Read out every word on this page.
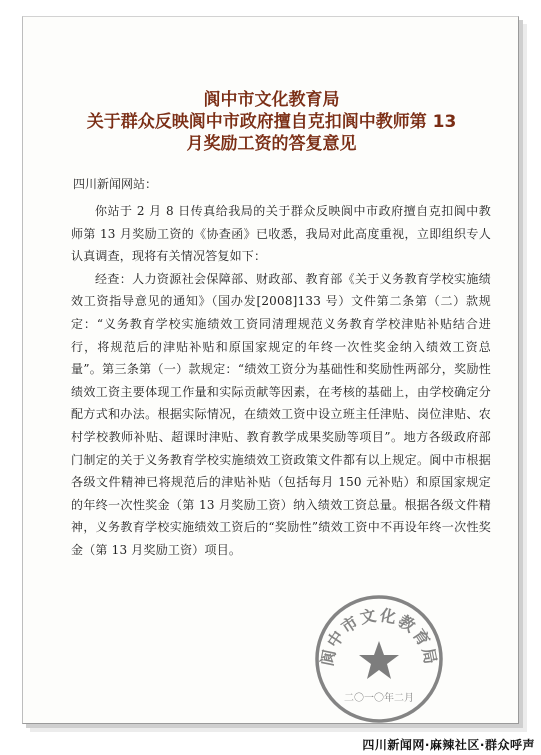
阆中市文化教育局
关于群众反映阆中市政府擅自克扣阆中教师第 13
月奖励工资的答复意见
四川新闻网站：

你站于 2 月 8 日传真给我局的关于群众反映阆中市政府擅自克扣阆中教师第 13 月奖励工资的《协查函》已收悉，我局对此高度重视，立即组织专人认真调查，现将有关情况答复如下：

经查：人力资源社会保障部、财政部、教育部《关于义务教育学校实施绩效工资指导意见的通知》（国办发[2008]133 号）文件第二条第（二）款规定：“义务教育学校实施绩效工资同清理规范义务教育学校津贴补贴结合进行，将规范后的津贴补贴和原国家规定的年终一次性奖金纳入绩效工资总量”。第三条第（一）款规定：“绩效工资分为基础性和奖励性两部分，奖励性绩效工资主要体现工作量和实际贡献等因素，在考核的基础上，由学校确定分配方式和办法。根据实际情况，在绩效工资中设立班主任津贴、岗位津贴、农村学校教师补贴、超课时津贴、教育教学成果奖励等项目”。地方各级政府部门制定的关于义务教育学校实施绩效工资政策文件都有以上规定。阆中市根据各级文件精神已将规范后的津贴补贴（包括每月 150 元补贴）和原国家规定的年终一次性奖金（第 13 月奖励工资）纳入绩效工资总量。根据各级文件精神，义务教育学校实施绩效工资后的“奖励性”绩效工资中不再设年终一次性奖金（第 13 月奖励工资）项目。

阆中市文化教育局
二〇一〇年二月
四川新闻网·麻辣社区·群众呼声
